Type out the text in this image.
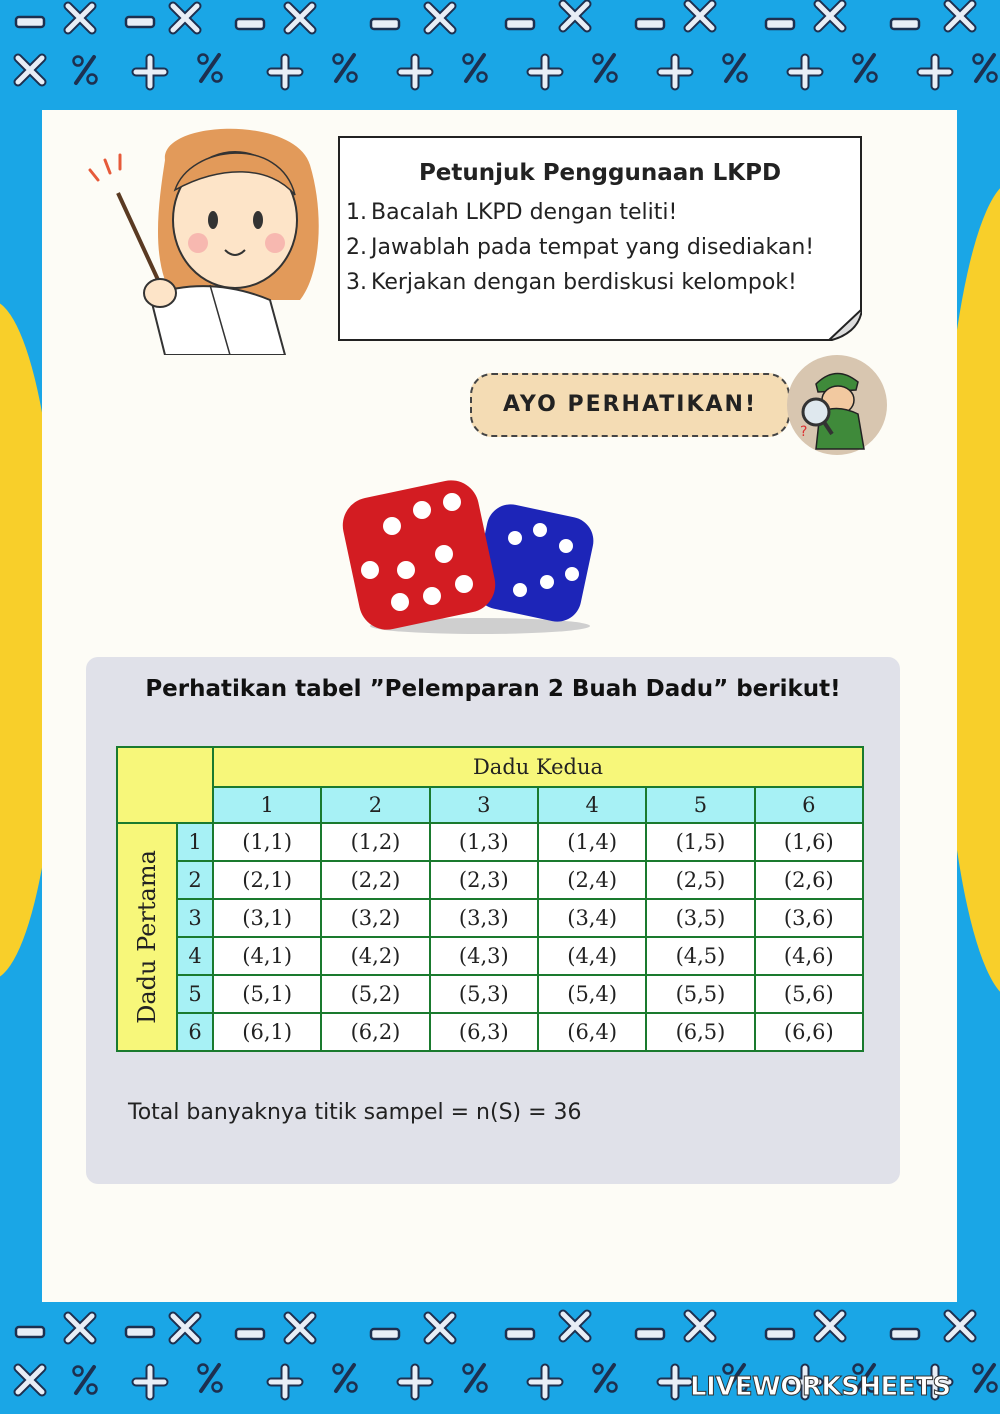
Petunjuk Penggunaan LKPD
1. Bacalah LKPD dengan teliti!
2. Jawablah pada tempat yang disediakan!
3. Kerjakan dengan berdiskusi kelompok!
AYO PERHATIKAN!
?
Perhatikan tabel ”Pelemparan 2 Buah Dadu” berikut!
		Dadu Kedua					
		1	2	3	4	5	6

Dadu Pertama	1	(1,1)	(1,2)	(1,3)	(1,4)	(1,5)	(1,6)
	2	(2,1)	(2,2)	(2,3)	(2,4)	(2,5)	(2,6)
	3	(3,1)	(3,2)	(3,3)	(3,4)	(3,5)	(3,6)
	4	(4,1)	(4,2)	(4,3)	(4,4)	(4,5)	(4,6)
	5	(5,1)	(5,2)	(5,3)	(5,4)	(5,5)	(5,6)
	6	(6,1)	(6,2)	(6,3)	(6,4)	(6,5)	(6,6)
Total banyaknya titik sampel = n(S) = 36
LIVEWORKSHEETS
